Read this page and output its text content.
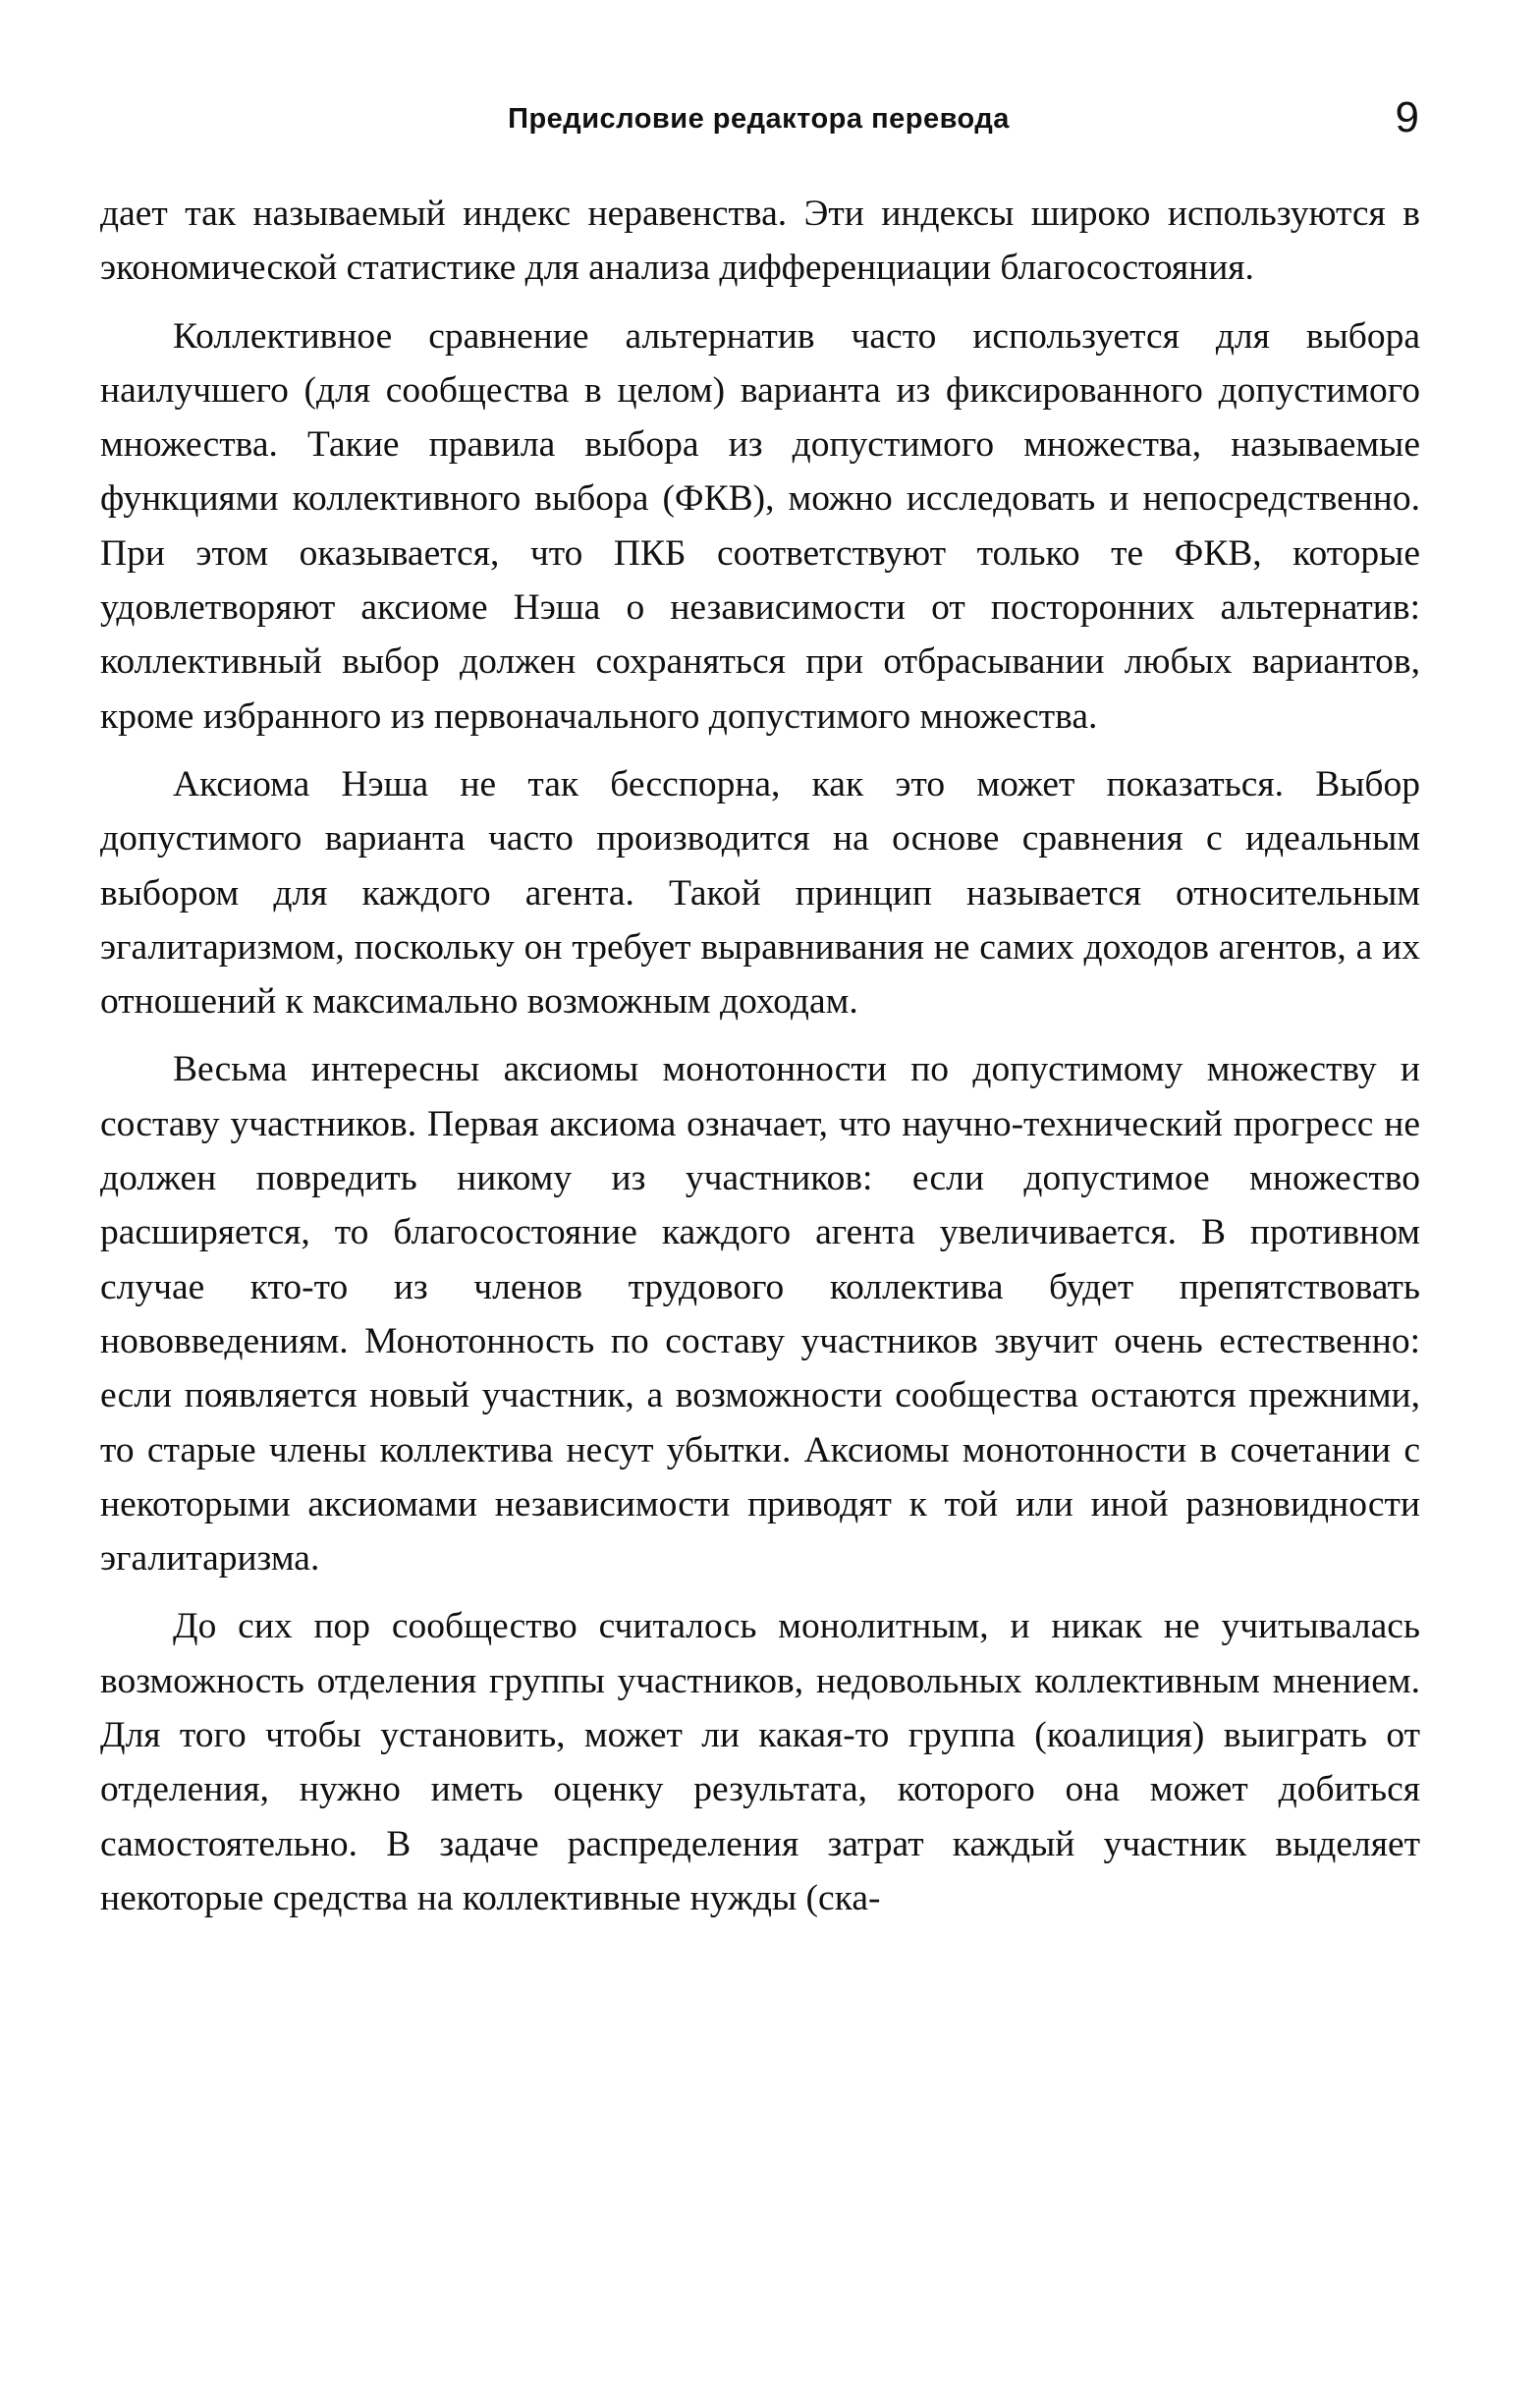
Предисловие редактора перевода	9

дает так называемый индекс неравенства. Эти индексы широко используются в экономической статистике для анализа дифференциации благосостояния.

Коллективное сравнение альтернатив часто используется для выбора наилучшего (для сообщества в целом) варианта из фиксированного допустимого множества. Такие правила выбора из допустимого множества, называемые функциями коллективного выбора (ФКВ), можно исследовать и непосредственно. При этом оказывается, что ПКБ соответствуют только те ФКВ, которые удовлетворяют аксиоме Нэша о независимости от посторонних альтернатив: коллективный выбор должен сохраняться при отбрасывании любых вариантов, кроме избранного из первоначального допустимого множества.

Аксиома Нэша не так бесспорна, как это может показаться. Выбор допустимого варианта часто производится на основе сравнения с идеальным выбором для каждого агента. Такой принцип называется относительным эгалитаризмом, поскольку он требует выравнивания не самих доходов агентов, а их отношений к максимально возможным доходам.

Весьма интересны аксиомы монотонности по допустимому множеству и составу участников. Первая аксиома означает, что научно-технический прогресс не должен повредить никому из участников: если допустимое множество расширяется, то благосостояние каждого агента увеличивается. В противном случае кто-то из членов трудового коллектива будет препятствовать нововведениям. Монотонность по составу участников звучит очень естественно: если появляется новый участник, а возможности сообщества остаются прежними, то старые члены коллектива несут убытки. Аксиомы монотонности в сочетании с некоторыми аксиомами независимости приводят к той или иной разновидности эгалитаризма.

До сих пор сообщество считалось монолитным, и никак не учитывалась возможность отделения группы участников, недовольных коллективным мнением. Для того чтобы установить, может ли какая-то группа (коалиция) выиграть от отделения, нужно иметь оценку результата, которого она может добиться самостоятельно. В задаче распределения затрат каждый участник выделяет некоторые средства на коллективные нужды (ска-
